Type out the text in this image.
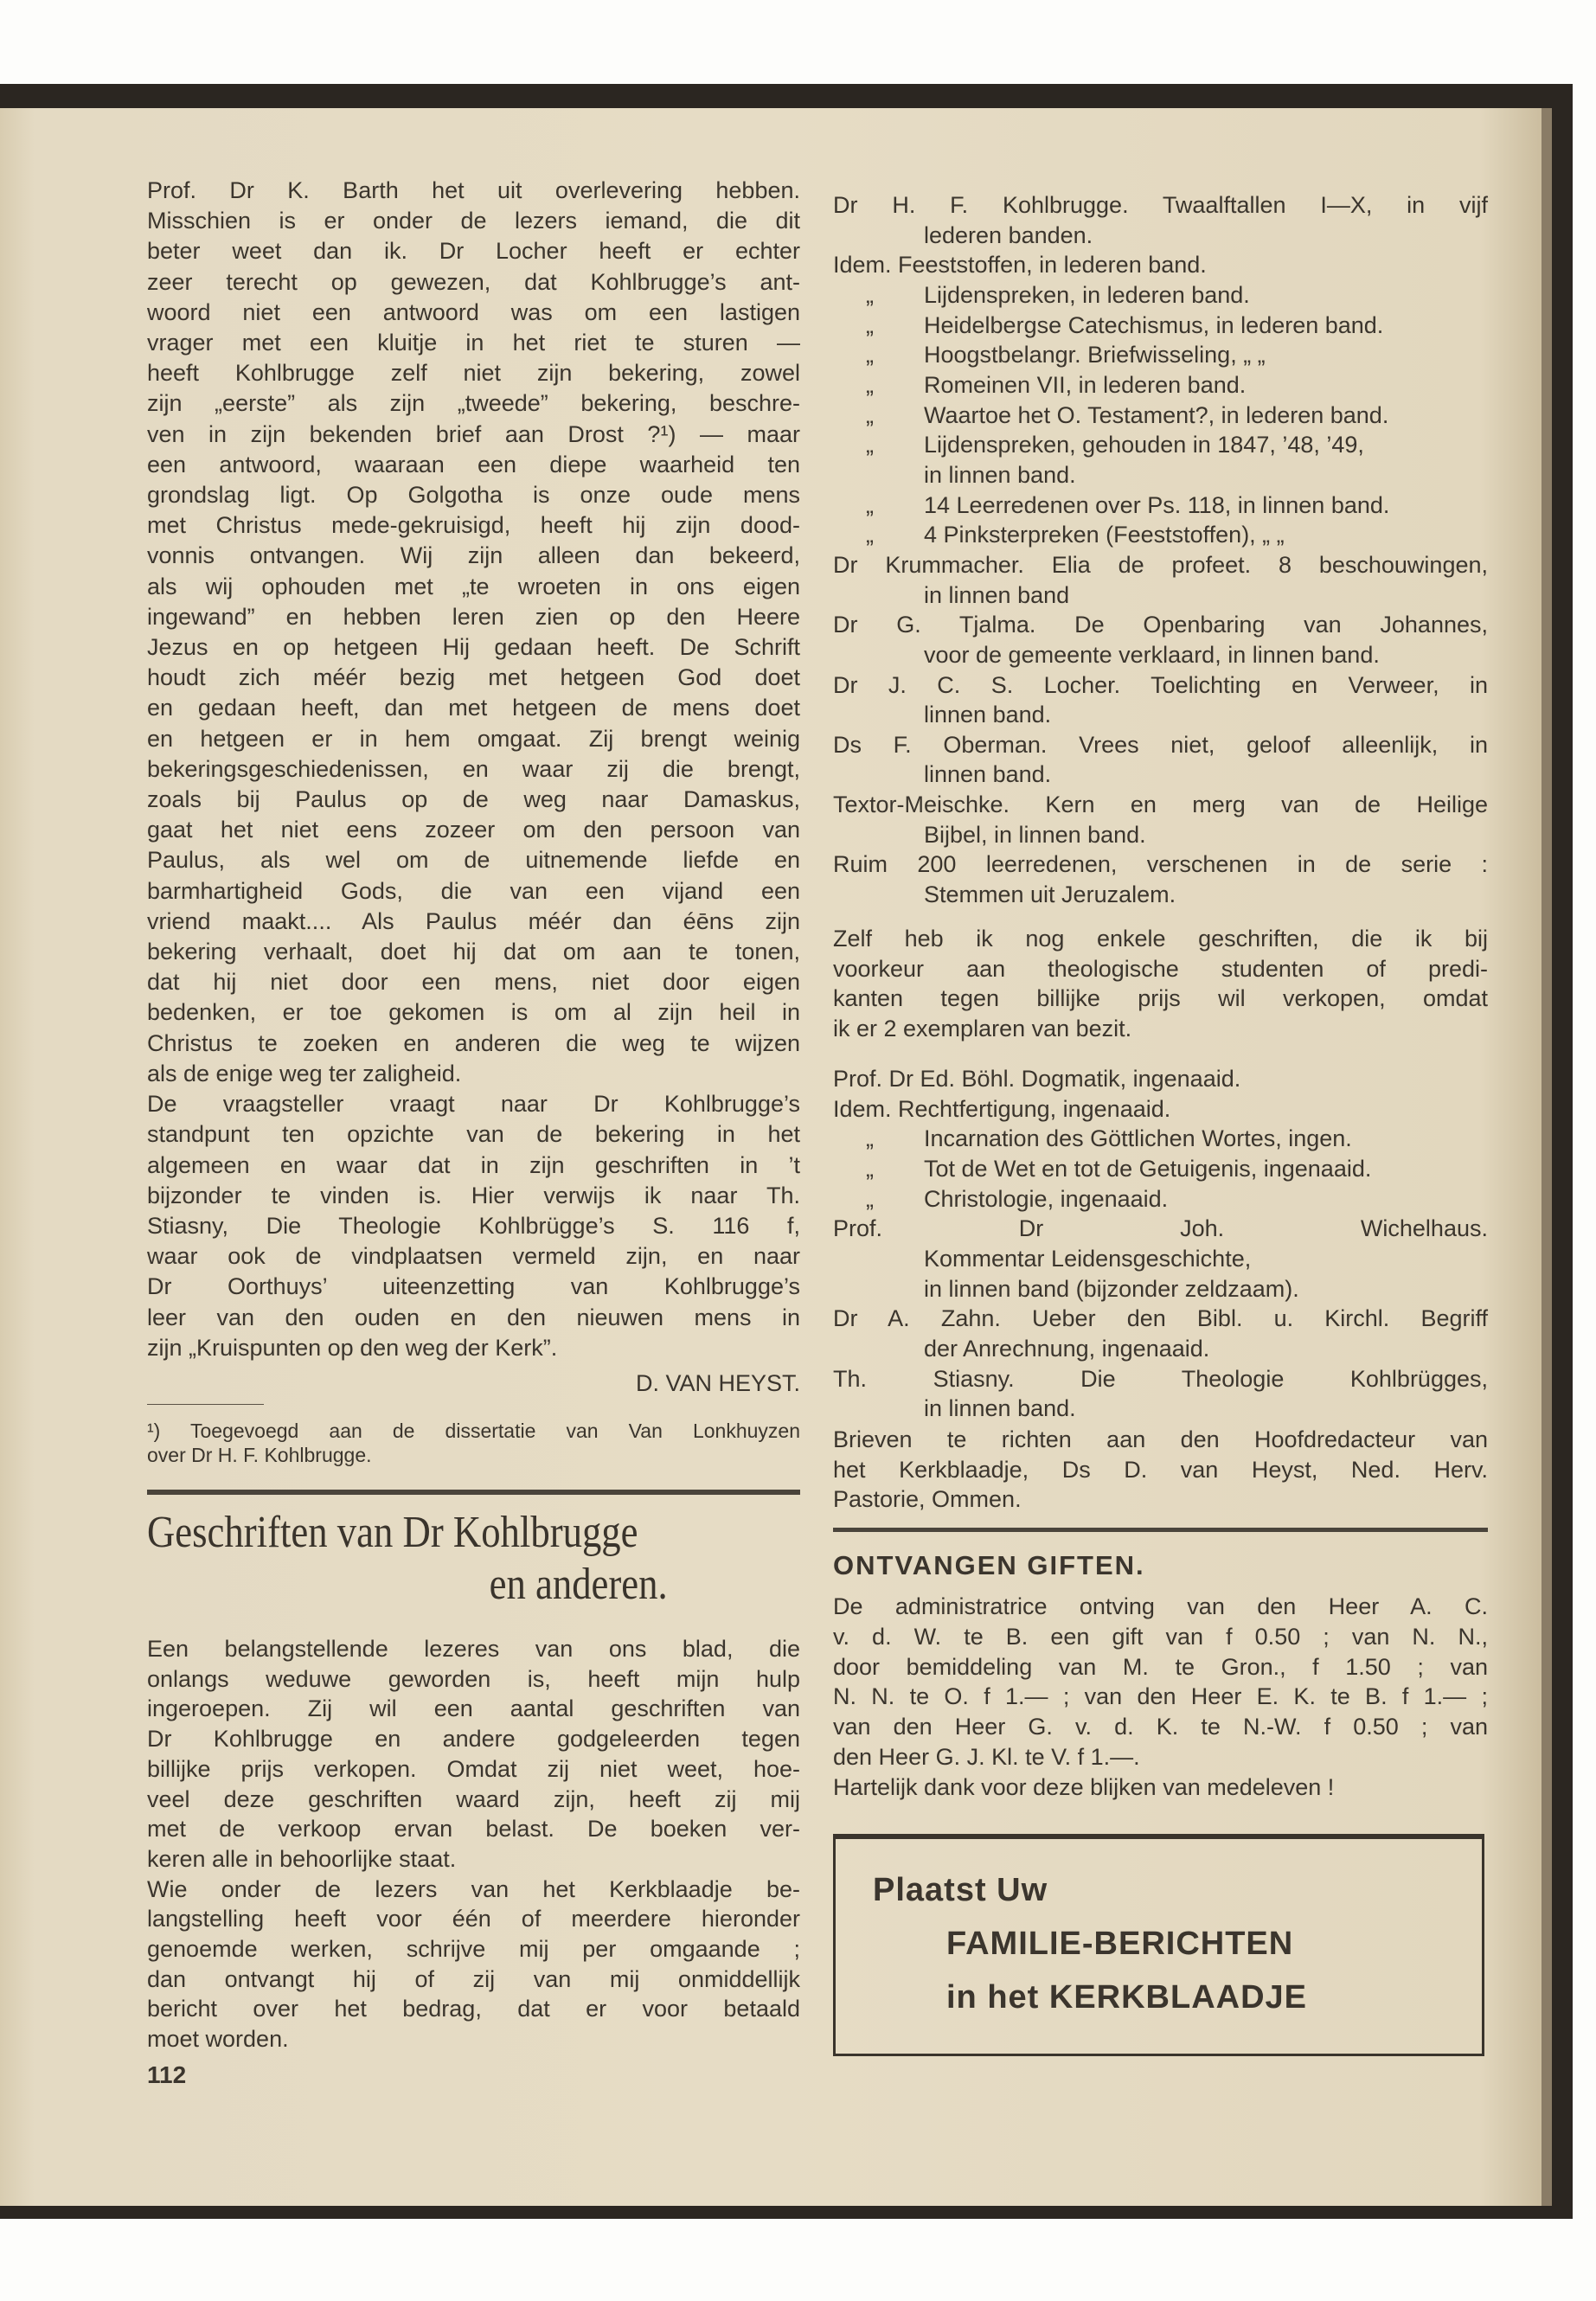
Prof. Dr K. Barth het uit overlevering hebben.
Misschien is er onder de lezers iemand, die dit
beter weet dan ik. Dr Locher heeft er echter
zeer terecht op gewezen, dat Kohlbrugge’s ant-
woord niet een antwoord was om een lastigen
vrager met een kluitje in het riet te sturen —
heeft Kohlbrugge zelf niet zijn bekering, zowel
zijn „eerste” als zijn „tweede” bekering, beschre-
ven in zijn bekenden brief aan Drost ?¹) — maar
een antwoord, waaraan een diepe waarheid ten
grondslag ligt. Op Golgotha is onze oude mens
met Christus mede-gekruisigd, heeft hij zijn dood-
vonnis ontvangen. Wij zijn alleen dan bekeerd,
als wij ophouden met „te wroeten in ons eigen
ingewand” en hebben leren zien op den Heere
Jezus en op hetgeen Hij gedaan heeft. De Schrift
houdt zich méér bezig met hetgeen God doet
en gedaan heeft, dan met hetgeen de mens doet
en hetgeen er in hem omgaat. Zij brengt weinig
bekeringsgeschiedenissen, en waar zij die brengt,
zoals bij Paulus op de weg naar Damaskus,
gaat het niet eens zozeer om den persoon van
Paulus, als wel om de uitnemende liefde en
barmhartigheid Gods, die van een vijand een
vriend maakt.... Als Paulus méér dan éēns zijn
bekering verhaalt, doet hij dat om aan te tonen,
dat hij niet door een mens, niet door eigen
bedenken, er toe gekomen is om al zijn heil in
Christus te zoeken en anderen die weg te wijzen
als de enige weg ter zaligheid.
De vraagsteller vraagt naar Dr Kohlbrugge’s
standpunt ten opzichte van de bekering in het
algemeen en waar dat in zijn geschriften in ’t
bijzonder te vinden is. Hier verwijs ik naar Th.
Stiasny, Die Theologie Kohlbrügge’s S. 116 f,
waar ook de vindplaatsen vermeld zijn, en naar
Dr Oorthuys’ uiteenzetting van Kohlbrugge’s
leer van den ouden en den nieuwen mens in
zijn „Kruispunten op den weg der Kerk”.
D. VAN HEYST.
¹) Toegevoegd aan de dissertatie van Van Lonkhuyzen
over Dr H. F. Kohlbrugge.
Geschriften van Dr Kohlbrugge
en anderen.
Een belangstellende lezeres van ons blad, die
onlangs weduwe geworden is, heeft mijn hulp
ingeroepen. Zij wil een aantal geschriften van
Dr Kohlbrugge en andere godgeleerden tegen
billijke prijs verkopen. Omdat zij niet weet, hoe-
veel deze geschriften waard zijn, heeft zij mij
met de verkoop ervan belast. De boeken ver-
keren alle in behoorlijke staat.
Wie onder de lezers van het Kerkblaadje be-
langstelling heeft voor één of meerdere hieronder
genoemde werken, schrijve mij per omgaande ;
dan ontvangt hij of zij van mij onmiddellijk
bericht over het bedrag, dat er voor betaald
moet worden.
112
Dr H. F. Kohlbrugge. Twaalftallen I—X, in vijf
lederen banden.
Idem. Feeststoffen, in lederen band.
„	Lijdenspreken, in lederen band.
„	Heidelbergse Catechismus, in lederen band.
„	Hoogstbelangr. Briefwisseling, „ „
„	Romeinen VII, in lederen band.
„	Waartoe het O. Testament?, in lederen band.
„	Lijdenspreken, gehouden in 1847, ’48, ’49,
in linnen band.
„	14 Leerredenen over Ps. 118, in linnen band.
„	4 Pinksterpreken (Feeststoffen), „ „
Dr Krummacher. Elia de profeet. 8 beschouwingen,
in linnen band
Dr G. Tjalma. De Openbaring van Johannes,
voor de gemeente verklaard, in linnen band.
Dr J. C. S. Locher. Toelichting en Verweer, in
linnen band.
Ds F. Oberman. Vrees niet, geloof alleenlijk, in
linnen band.
Textor-Meischke. Kern en merg van de Heilige
Bijbel, in linnen band.
Ruim 200 leerredenen, verschenen in de serie :
Stemmen uit Jeruzalem.
Zelf heb ik nog enkele geschriften, die ik bij
voorkeur aan theologische studenten of predi-
kanten tegen billijke prijs wil verkopen, omdat
ik er 2 exemplaren van bezit.
Prof. Dr Ed. Böhl. Dogmatik, ingenaaid.
Idem. Rechtfertigung, ingenaaid.
„	Incarnation des Göttlichen Wortes, ingen.
„	Tot de Wet en tot de Getuigenis, ingenaaid.
„	Christologie, ingenaaid.
Prof. Dr Joh. Wichelhaus.
Kommentar Leidensgeschichte,
in linnen band (bijzonder zeldzaam).
Dr A. Zahn. Ueber den Bibl. u. Kirchl. Begriff
der Anrechnung, ingenaaid.
Th. Stiasny. Die Theologie Kohlbrügges,
in linnen band.
Brieven te richten aan den Hoofdredacteur van
het Kerkblaadje, Ds D. van Heyst, Ned. Herv.
Pastorie, Ommen.
ONTVANGEN GIFTEN.
De administratrice ontving van den Heer A. C.
v. d. W. te B. een gift van f 0.50 ; van N. N.,
door bemiddeling van M. te Gron., f 1.50 ; van
N. N. te O. f 1.— ; van den Heer E. K. te B. f 1.— ;
van den Heer G. v. d. K. te N.-W. f 0.50 ; van
den Heer G. J. Kl. te V. f 1.—.
Hartelijk dank voor deze blijken van medeleven !
Plaatst Uw
FAMILIE-BERICHTEN
in het KERKBLAADJE
